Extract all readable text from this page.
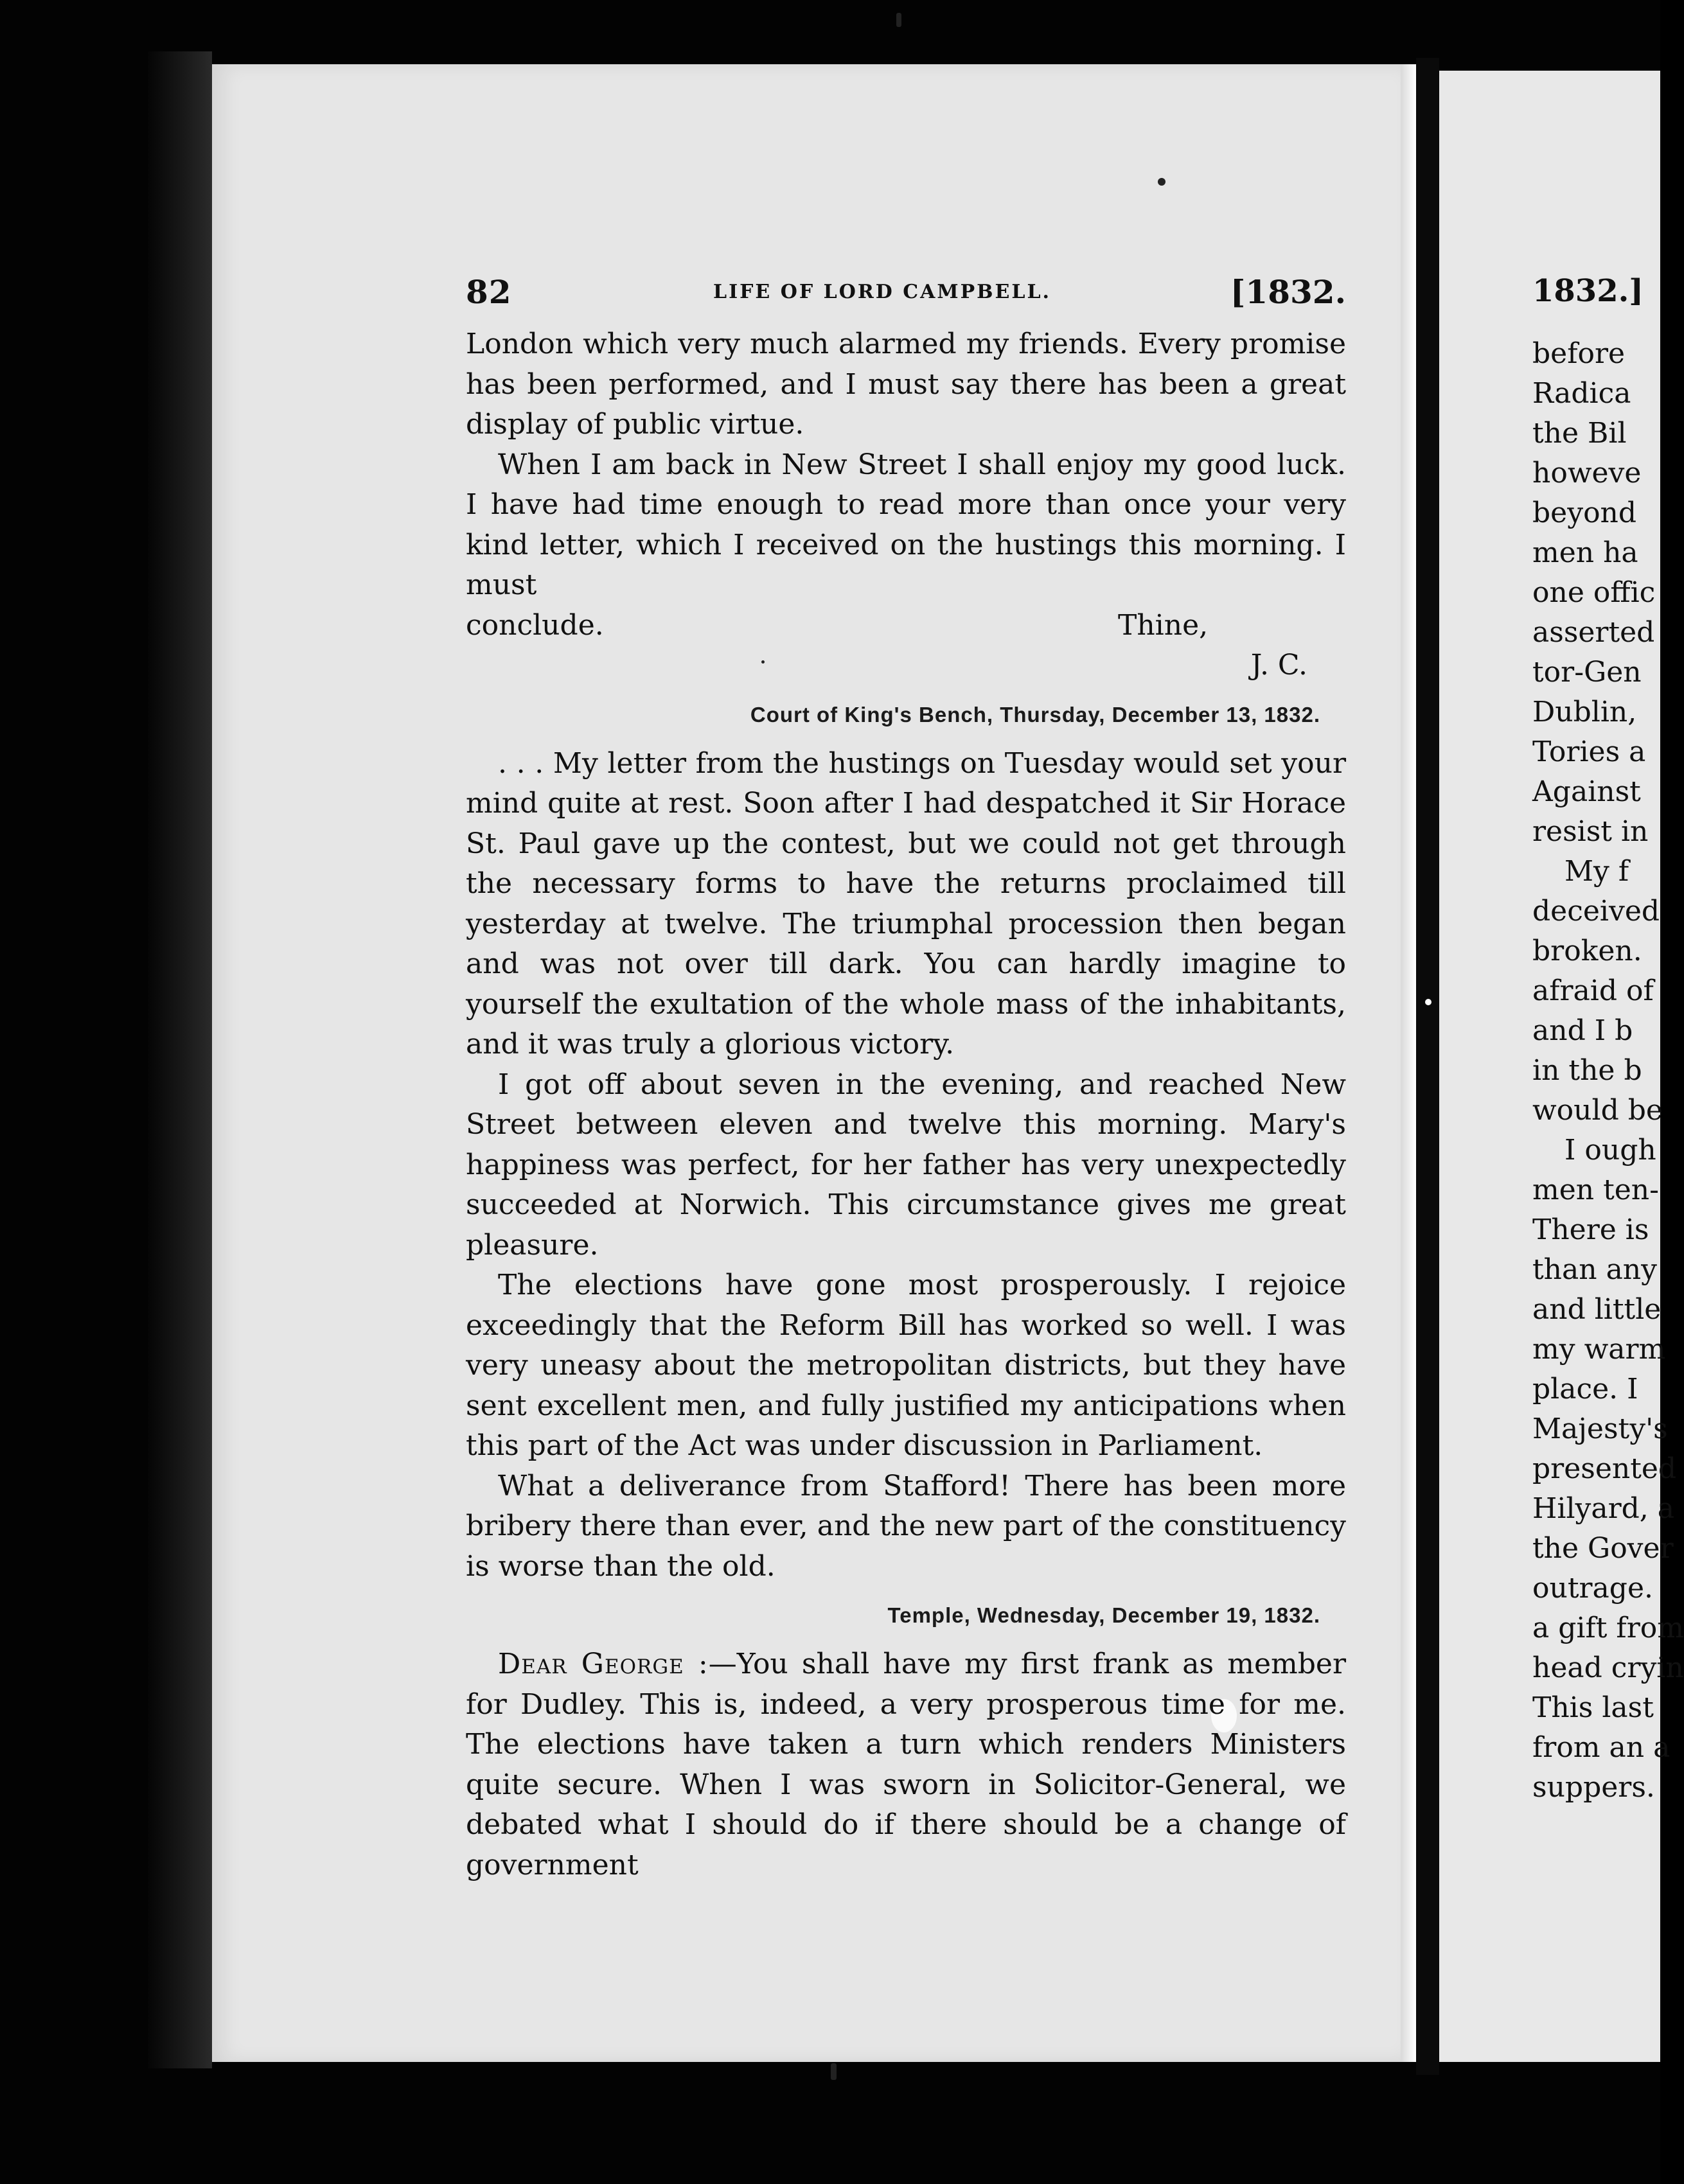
82	LIFE OF LORD CAMPBELL.	[1832.

London which very much alarmed my friends. Every promise has been performed, and I must say there has been a great display of public virtue.

When I am back in New Street I shall enjoy my good luck. I have had time enough to read more than once your very kind letter, which I received on the hustings this morning. I must

conclude.	Thine,
J. C.
Court of King's Bench, Thursday, December 13, 1832.

. . . My letter from the hustings on Tuesday would set your mind quite at rest. Soon after I had despatched it Sir Horace St. Paul gave up the contest, but we could not get through the necessary forms to have the returns proclaimed till yesterday at twelve. The triumphal procession then began and was not over till dark. You can hardly imagine to yourself the exultation of the whole mass of the inhabitants, and it was truly a glorious victory.

I got off about seven in the evening, and reached New Street between eleven and twelve this morning. Mary's happiness was perfect, for her father has very unexpectedly succeeded at Norwich. This circumstance gives me great pleasure.

The elections have gone most prosperously. I rejoice exceedingly that the Reform Bill has worked so well. I was very uneasy about the metropolitan districts, but they have sent excellent men, and fully justified my anticipations when this part of the Act was under discussion in Parliament.

What a deliverance from Stafford! There has been more bribery there than ever, and the new part of the constituency is worse than the old.

Temple, Wednesday, December 19, 1832.

Dear George :—You shall have my first frank as member for Dudley. This is, indeed, a very prosperous time for me. The elections have taken a turn which renders Ministers quite secure. When I was sworn in Solicitor-General, we debated what I should do if there should be a change of government

1832.]
before
Radica
the Bil
howeve
beyond
men ha
one offic
asserted
tor-Gen
Dublin,
Tories a
Against
resist in
My f
deceived
broken.
afraid of
and I b
in the b
would be
I ough
men ten-
There is
than any
and little
my warm
place. I
Majesty's
presented
Hilyard, a
the Gover
outrage.
a gift from
head cryin
This last
from an a
suppers.
